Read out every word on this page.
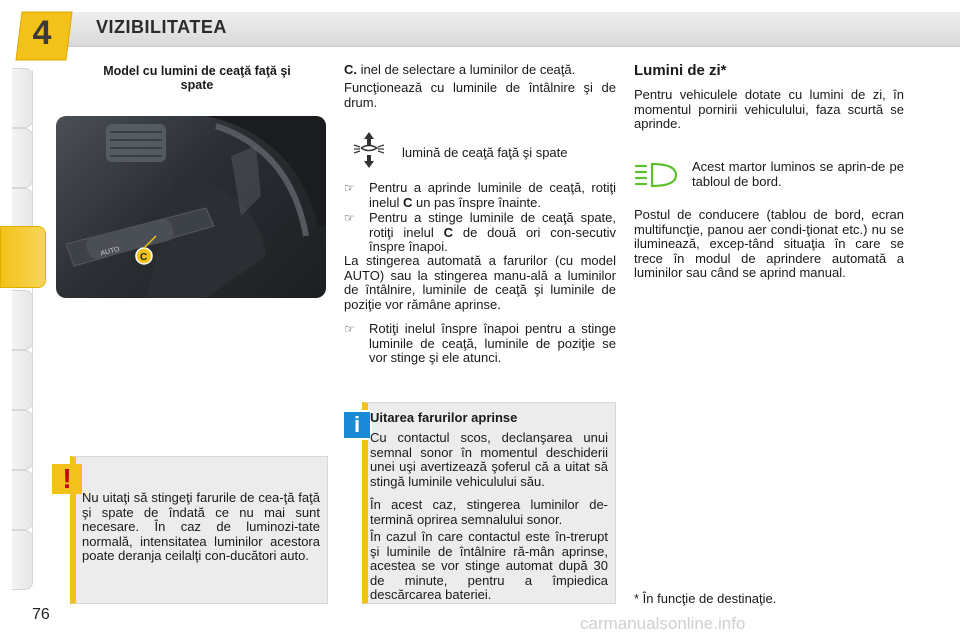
4	VIZIBILITATEA
Model cu lumini de ceaţă faţă şi spate
AUTO
C
!
Nu uitaţi să stingeţi farurile de cea-ţă faţă şi spate de îndată ce nu mai sunt necesare. În caz de luminozi-tate normală, intensitatea luminilor acestora poate deranja ceilalţi con-ducători auto.
C. inel de selectare a luminilor de ceaţă.
Funcţionează cu luminile de întâlnire şi de drum.
lumină de ceaţă faţă şi spate
☞ Pentru a aprinde luminile de ceaţă, rotiţi inelul C un pas înspre înainte.
☞ Pentru a stinge luminile de ceaţă spate, rotiţi inelul C de două ori con-secutiv înspre înapoi.
La stingerea automată a farurilor (cu model AUTO) sau la stingerea manu-ală a luminilor de întâlnire, luminile de ceaţă şi luminile de poziţie vor rămâne aprinse.
☞ Rotiţi inelul înspre înapoi pentru a stinge luminile de ceaţă, luminile de poziţie se vor stinge şi ele atunci.
i Uitarea farurilor aprinse
Cu contactul scos, declanşarea unui semnal sonor în momentul deschiderii unei uşi avertizează şoferul că a uitat să stingă luminile vehiculului său.
În acest caz, stingerea luminilor de-termină oprirea semnalului sonor.
În cazul în care contactul este în-trerupt şi luminile de întâlnire ră-mân aprinse, acestea se vor stinge automat după 30 de minute, pentru a împiedica descărcarea bateriei.
Lumini de zi*
Pentru vehiculele dotate cu lumini de zi, în momentul pornirii vehiculului, faza scurtă se aprinde.
Acest martor luminos se aprin-de pe tabloul de bord.
Postul de conducere (tablou de bord, ecran multifuncţie, panou aer condi-ţionat etc.) nu se iluminează, excep-tând situaţia în care se trece în modul de aprindere automată a luminilor sau când se aprind manual.
* În funcţie de destinaţie.
76	carmanualsonline.info
